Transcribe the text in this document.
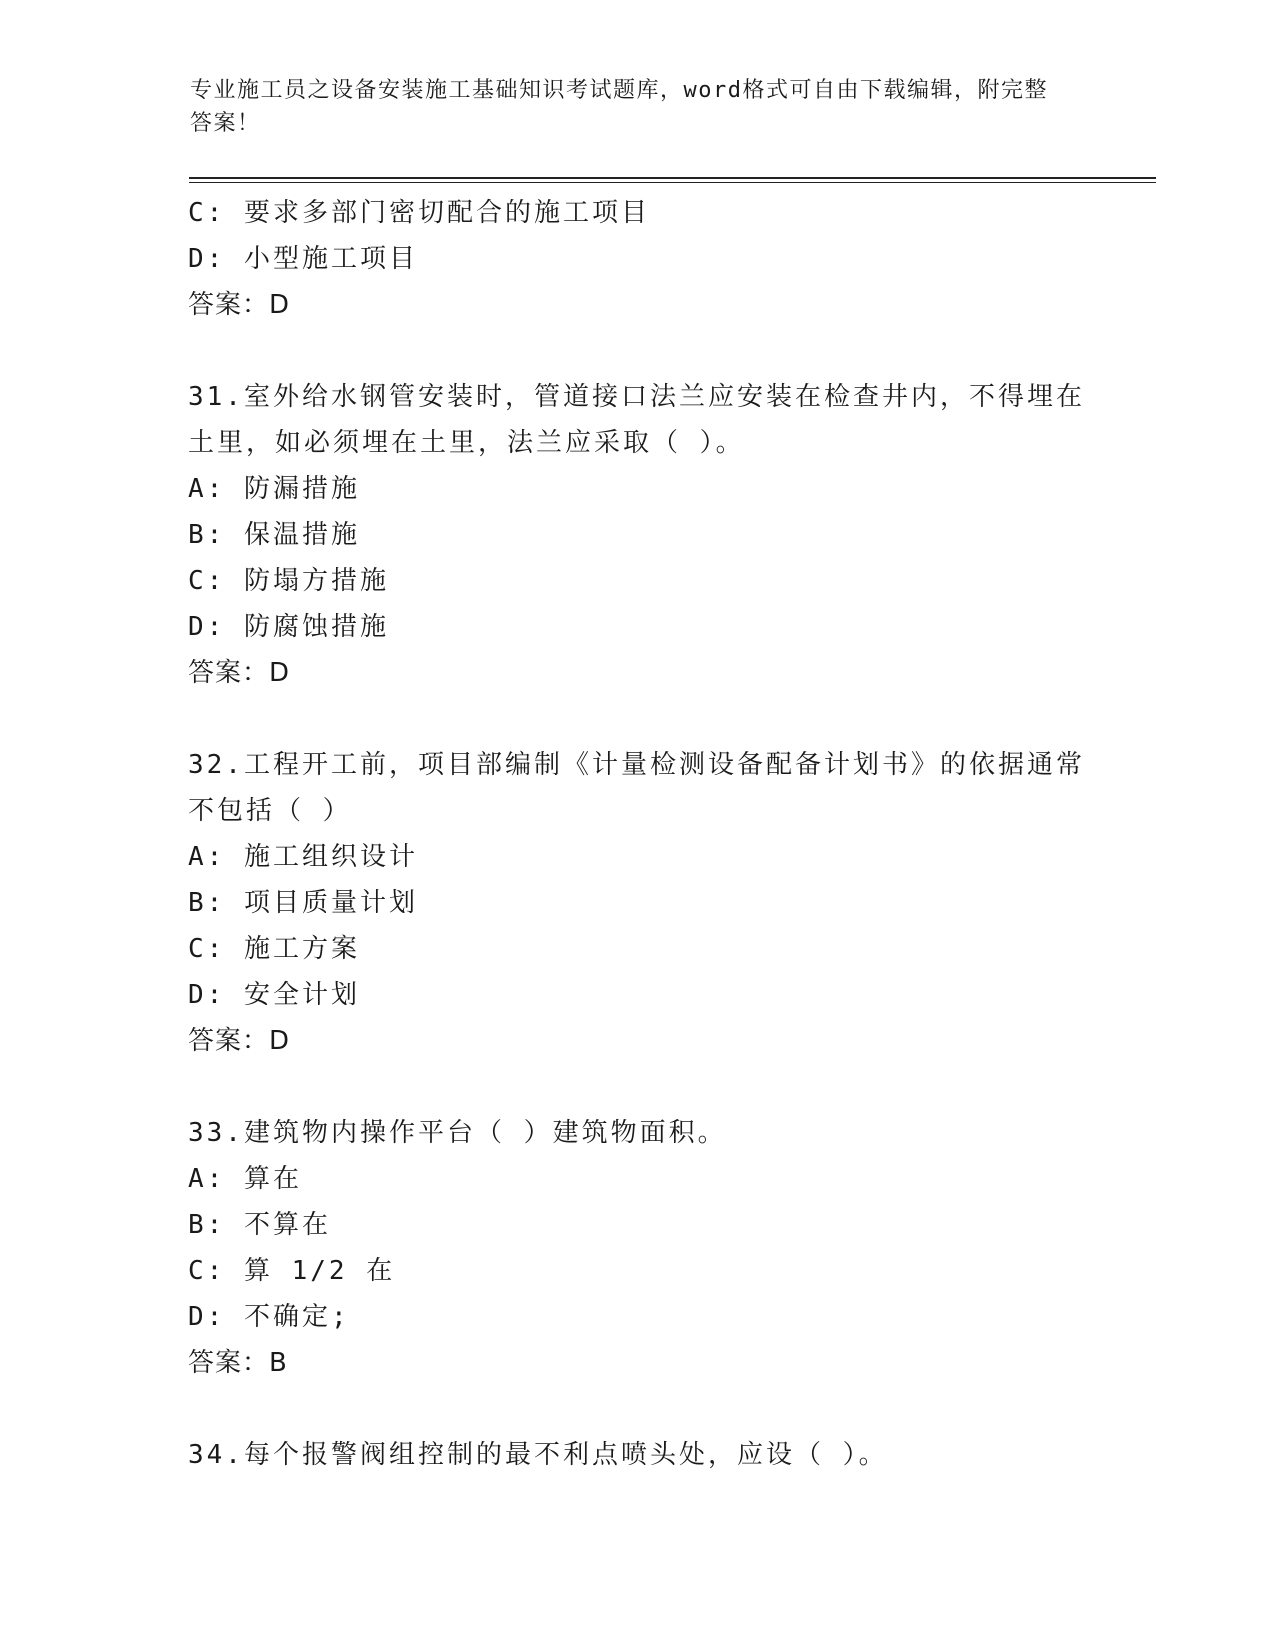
专业施工员之设备安装施工基础知识考试题库，word格式可自由下载编辑，附完整答案！
C: 要求多部门密切配合的施工项目
D: 小型施工项目
答案：D
31.室外给水钢管安装时，管道接口法兰应安装在检查井内，不得埋在
土里，如必须埋在土里，法兰应采取（ ）。
A: 防漏措施
B: 保温措施
C: 防塌方措施
D: 防腐蚀措施
答案：D
32.工程开工前，项目部编制《计量检测设备配备计划书》的依据通常
不包括（ ）
A: 施工组织设计
B: 项目质量计划
C: 施工方案
D: 安全计划
答案：D
33.建筑物内操作平台（ ）建筑物面积。
A: 算在
B: 不算在
C: 算 1/2 在
D: 不确定;
答案：B
34.每个报警阀组控制的最不利点喷头处，应设（ ）。
